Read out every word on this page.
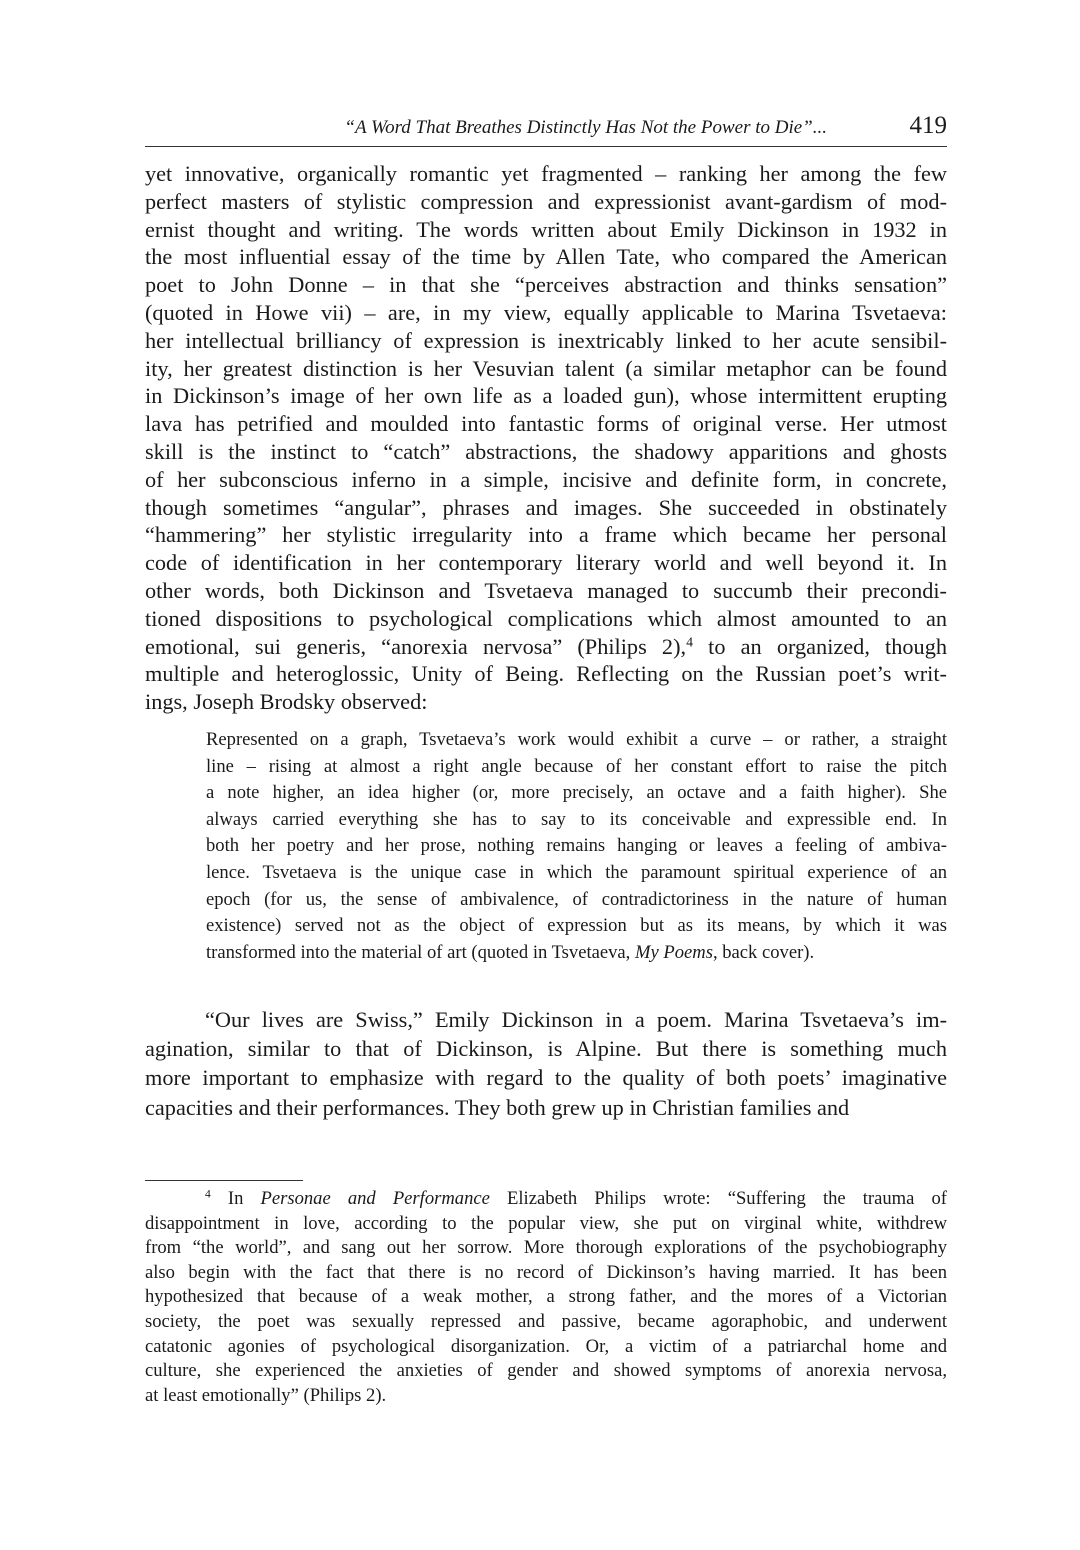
“A Word That Breathes Distinctly Has Not the Power to Die”...	419
yet innovative, organically romantic yet fragmented – ranking her among the few
perfect masters of stylistic compression and expressionist avant-gardism of mod-
ernist thought and writing. The words written about Emily Dickinson in 1932 in
the most influential essay of the time by Allen Tate, who compared the American
poet to John Donne – in that she “perceives abstraction and thinks sensation”
(quoted in Howe vii) – are, in my view, equally applicable to Marina Tsvetaeva:
her intellectual brilliancy of expression is inextricably linked to her acute sensibil-
ity, her greatest distinction is her Vesuvian talent (a similar metaphor can be found
in Dickinson’s image of her own life as a loaded gun), whose intermittent erupting
lava has petrified and moulded into fantastic forms of original verse. Her utmost
skill is the instinct to “catch” abstractions, the shadowy apparitions and ghosts
of her subconscious inferno in a simple, incisive and definite form, in concrete,
though sometimes “angular”, phrases and images. She succeeded in obstinately
“hammering” her stylistic irregularity into a frame which became her personal
code of identification in her contemporary literary world and well beyond it. In
other words, both Dickinson and Tsvetaeva managed to succumb their precondi-
tioned dispositions to psychological complications which almost amounted to an
emotional, sui generis, “anorexia nervosa” (Philips 2),$^4$ to an organized, though
multiple and heteroglossic, Unity of Being. Reflecting on the Russian poet’s writ-
ings, Joseph Brodsky observed:
Represented on a graph, Tsvetaeva’s work would exhibit a curve – or rather, a straight
line – rising at almost a right angle because of her constant effort to raise the pitch
a note higher, an idea higher (or, more precisely, an octave and a faith higher). She
always carried everything she has to say to its conceivable and expressible end. In
both her poetry and her prose, nothing remains hanging or leaves a feeling of ambiva-
lence. Tsvetaeva is the unique case in which the paramount spiritual experience of an
epoch (for us, the sense of ambivalence, of contradictoriness in the nature of human
existence) served not as the object of expression but as its means, by which it was
transformed into the material of art (quoted in Tsvetaeva, My Poems, back cover).
“Our lives are Swiss,” Emily Dickinson in a poem. Marina Tsvetaeva’s im-
agination, similar to that of Dickinson, is Alpine. But there is something much
more important to emphasize with regard to the quality of both poets’ imaginative
capacities and their performances. They both grew up in Christian families and
$^4$ In Personae and Performance Elizabeth Philips wrote: “Suffering the trauma of
disappointment in love, according to the popular view, she put on virginal white, withdrew
from “the world”, and sang out her sorrow. More thorough explorations of the psychobiography
also begin with the fact that there is no record of Dickinson’s having married. It has been
hypothesized that because of a weak mother, a strong father, and the mores of a Victorian
society, the poet was sexually repressed and passive, became agoraphobic, and underwent
catatonic agonies of psychological disorganization. Or, a victim of a patriarchal home and
culture, she experienced the anxieties of gender and showed symptoms of anorexia nervosa,
at least emotionally” (Philips 2).
